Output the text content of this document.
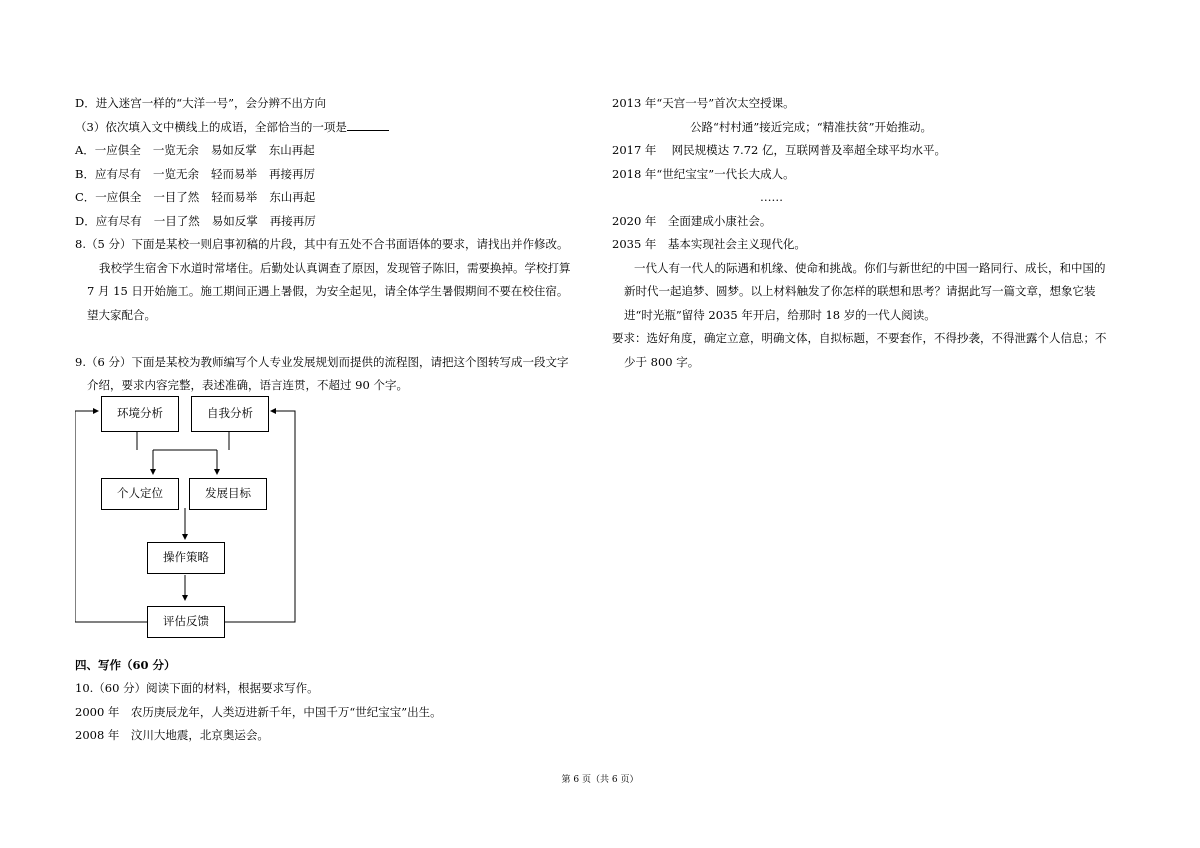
D．进入迷宫一样的“大洋一号”，会分辨不出方向
（3）依次填入文中横线上的成语，全部恰当的一项是
A．一应俱全 一览无余 易如反掌 东山再起
B．应有尽有 一览无余 轻而易举 再接再厉
C．一应俱全 一目了然 轻而易举 东山再起
D．应有尽有 一目了然 易如反掌 再接再厉
8.（5 分）下面是某校一则启事初稿的片段，其中有五处不合书面语体的要求，请找出并作修改。
我校学生宿舍下水道时常堵住。后勤处认真调查了原因，发现管子陈旧，需要换掉。学校打算
7 月 15 日开始施工。施工期间正遇上暑假，为安全起见，请全体学生暑假期间不要在校住宿。
望大家配合。
9.（6 分）下面是某校为教师编写个人专业发展规划而提供的流程图，请把这个图转写成一段文字
介绍，要求内容完整，表述准确，语言连贯，不超过 90 个字。
环境分析	自我分析
个人定位	发展目标
操作策略
评估反馈
四、写作（60 分）
10.（60 分）阅读下面的材料，根据要求写作。
2000 年　农历庚辰龙年，人类迈进新千年，中国千万“世纪宝宝”出生。
2008 年　汶川大地震，北京奥运会。
2013 年“天宫一号”首次太空授课。
公路“村村通”接近完成；“精准扶贫”开始推动。
2017 年　 网民规模达 7.72 亿，互联网普及率超全球平均水平。
2018 年“世纪宝宝”一代长大成人。
……
2020 年　全面建成小康社会。
2035 年　基本实现社会主义现代化。
一代人有一代人的际遇和机缘、使命和挑战。你们与新世纪的中国一路同行、成长，和中国的
新时代一起追梦、圆梦。以上材料触发了你怎样的联想和思考？请据此写一篇文章，想象它装
进“时光瓶”留待 2035 年开启，给那时 18 岁的一代人阅读。
要求：选好角度，确定立意，明确文体，自拟标题，不要套作，不得抄袭，不得泄露个人信息；不
少于 800 字。
第 6 页（共 6 页）
